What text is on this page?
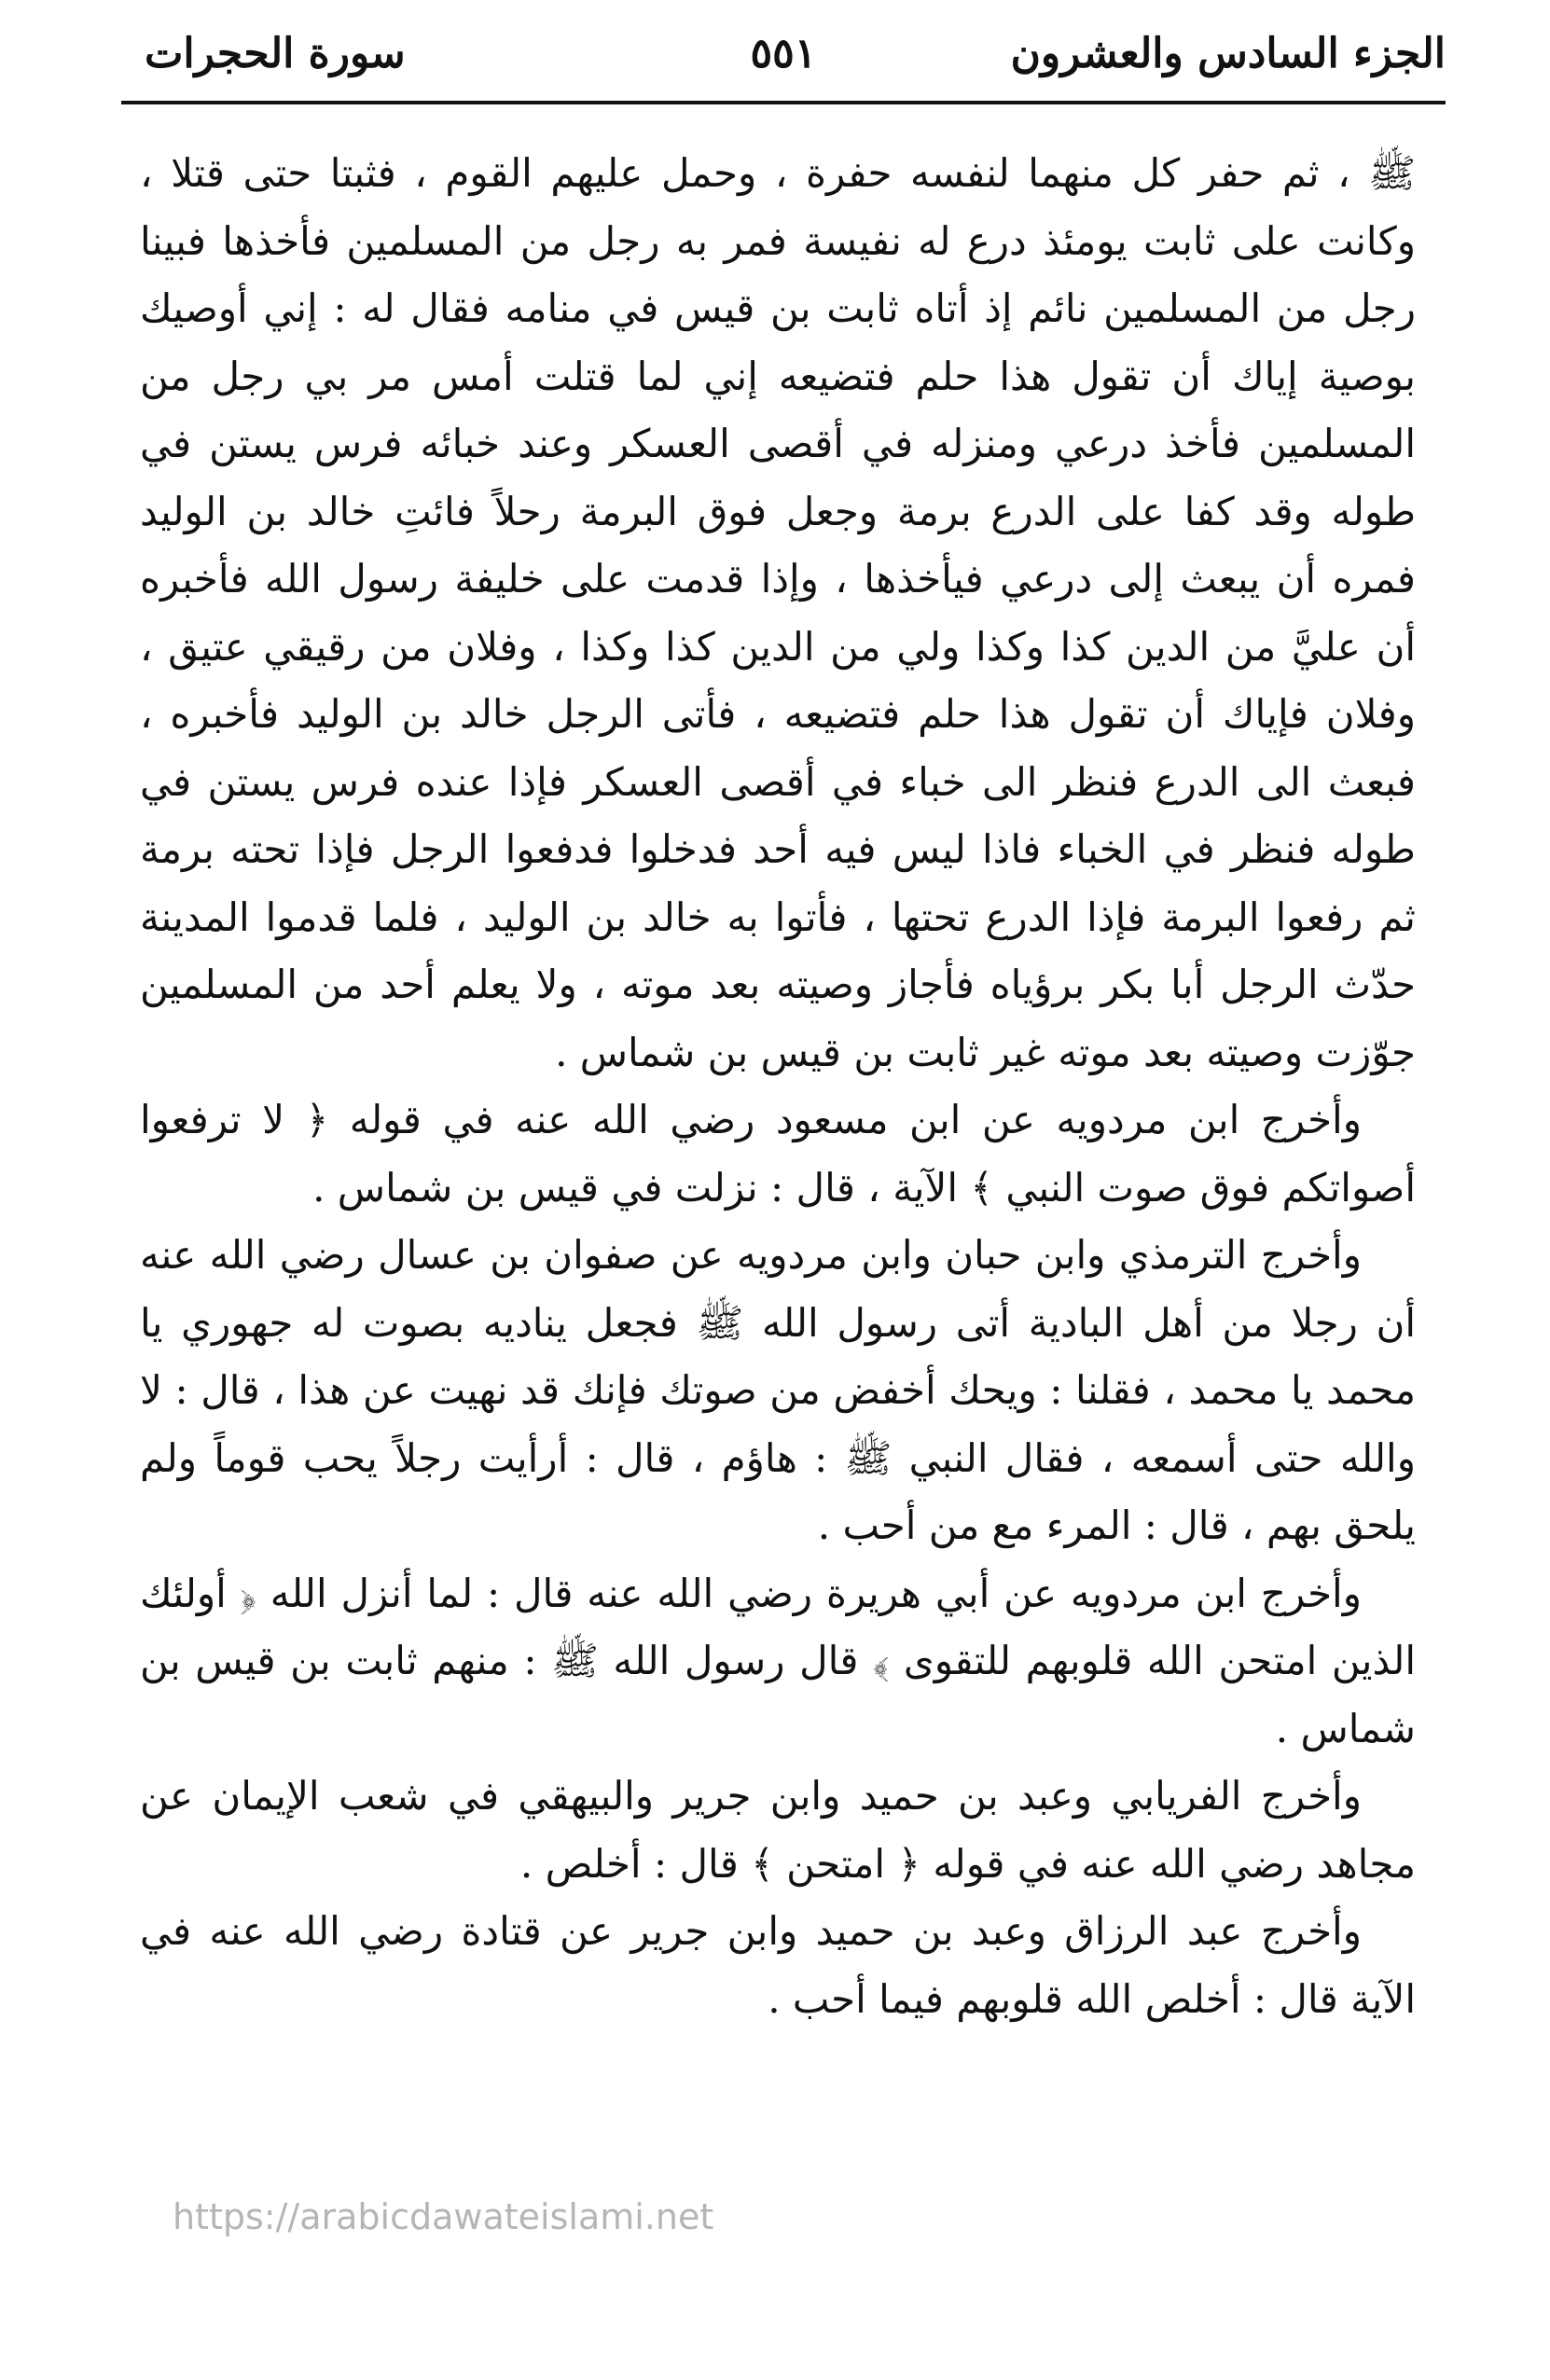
الجزء السادس والعشرون
٥٥١
سورة الحجرات

ﷺ ، ثم حفر كل منهما لنفسه حفرة ، وحمل عليهم القوم ، فثبتا حتى قتلا ، وكانت على ثابت يومئذ درع له نفيسة فمر به رجل من المسلمين فأخذها فبينا رجل من المسلمين نائم إذ أتاه ثابت بن قيس في منامه فقال له : إني أوصيك بوصية إياك أن تقول هذا حلم فتضيعه إني لما قتلت أمس مر بي رجل من المسلمين فأخذ درعي ومنزله في أقصى العسكر وعند خبائه فرس يستن في طوله وقد كفا على الدرع برمة وجعل فوق البرمة رحلاً فائتِ خالد بن الوليد فمره أن يبعث إلى درعي فيأخذها ، وإذا قدمت على خليفة رسول الله فأخبره أن عليَّ من الدين كذا وكذا ولي من الدين كذا وكذا ، وفلان من رقيقي عتيق ، وفلان فإياك أن تقول هذا حلم فتضيعه ، فأتى الرجل خالد بن الوليد فأخبره ، فبعث الى الدرع فنظر الى خباء في أقصى العسكر فإذا عنده فرس يستن في طوله فنظر في الخباء فاذا ليس فيه أحد فدخلوا فدفعوا الرجل فإذا تحته برمة ثم رفعوا البرمة فإذا الدرع تحتها ، فأتوا به خالد بن الوليد ، فلما قدموا المدينة حدّث الرجل أبا بكر برؤياه فأجاز وصيته بعد موته ، ولا يعلم أحد من المسلمين جوّزت وصيته بعد موته غير ثابت بن قيس بن شماس .

وأخرج ابن مردويه عن ابن مسعود رضي الله عنه في قوله ﴿ لا ترفعوا أصواتكم فوق صوت النبي ﴾ الآية ، قال : نزلت في قيس بن شماس .

وأخرج الترمذي وابن حبان وابن مردويه عن صفوان بن عسال رضي الله عنه أن رجلا من أهل البادية أتى رسول الله ﷺ فجعل يناديه بصوت له جهوري يا محمد يا محمد ، فقلنا : ويحك أخفض من صوتك فإنك قد نهيت عن هذا ، قال : لا والله حتى أسمعه ، فقال النبي ﷺ : هاؤم ، قال : أرأيت رجلاً يحب قوماً ولم يلحق بهم ، قال : المرء مع من أحب .

وأخرج ابن مردويه عن أبي هريرة رضي الله عنه قال : لما أنزل الله ﴿ أولئك الذين امتحن الله قلوبهم للتقوى ﴾ قال رسول الله ﷺ : منهم ثابت بن قيس بن شماس .

وأخرج الفريابي وعبد بن حميد وابن جرير والبيهقي في شعب الإيمان عن مجاهد رضي الله عنه في قوله ﴿ امتحن ﴾ قال : أخلص .

وأخرج عبد الرزاق وعبد بن حميد وابن جرير عن قتادة رضي الله عنه في الآية قال : أخلص الله قلوبهم فيما أحب .

https://arabicdawateislami.net
